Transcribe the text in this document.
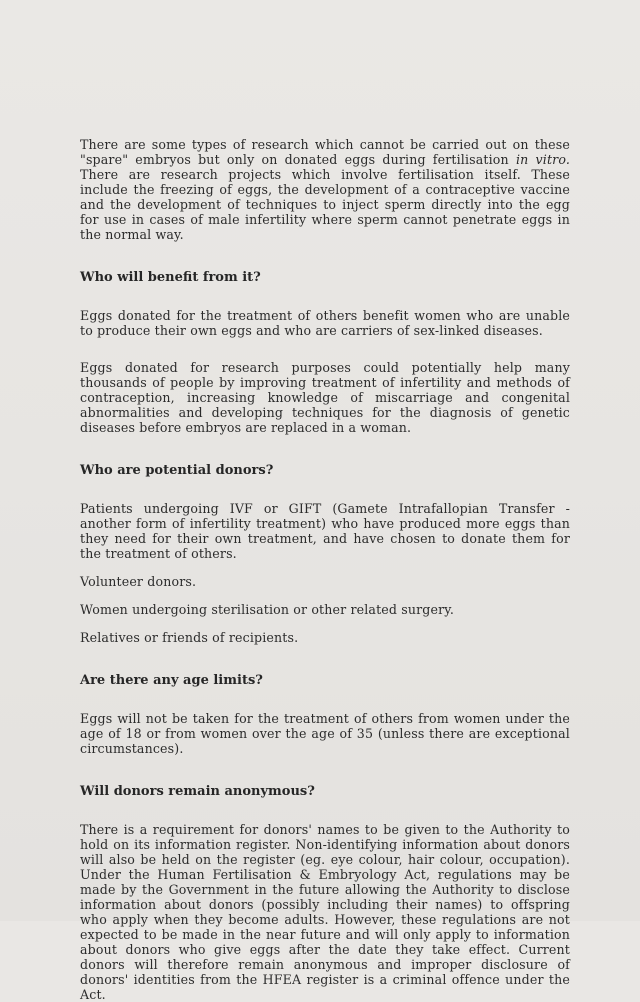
There are some types of research which cannot be carried out on these "spare" embryos but only on donated eggs during fertilisation in vitro. There are research projects which involve fertilisation itself. These include the freezing of eggs, the development of a contraceptive vaccine and the development of techniques to inject sperm directly into the egg for use in cases of male infertility where sperm cannot penetrate eggs in the normal way.

Who will benefit from it?

Eggs donated for the treatment of others benefit women who are unable to produce their own eggs and who are carriers of sex-linked diseases.

Eggs donated for research purposes could potentially help many thousands of people by improving treatment of infertility and methods of contraception, increasing knowledge of miscarriage and congenital abnormalities and developing techniques for the diagnosis of genetic diseases before embryos are replaced in a woman.

Who are potential donors?

Patients undergoing IVF or GIFT (Gamete Intrafallopian Transfer - another form of infertility treatment) who have produced more eggs than they need for their own treatment, and have chosen to donate them for the treatment of others.

Volunteer donors.

Women undergoing sterilisation or other related surgery.

Relatives or friends of recipients.

Are there any age limits?

Eggs will not be taken for the treatment of others from women under the age of 18 or from women over the age of 35 (unless there are exceptional circumstances).

Will donors remain anonymous?

There is a requirement for donors' names to be given to the Authority to hold on its information register. Non-identifying information about donors will also be held on the register (eg. eye colour, hair colour, occupation). Under the Human Fertilisation & Embryology Act, regulations may be made by the Government in the future allowing the Authority to disclose information about donors (possibly including their names) to offspring who apply when they become adults. However, these regulations are not expected to be made in the near future and will only apply to information about donors who give eggs after the date they take effect. Current donors will therefore remain anonymous and improper disclosure of donors' identities from the HFEA register is a criminal offence under the Act.
